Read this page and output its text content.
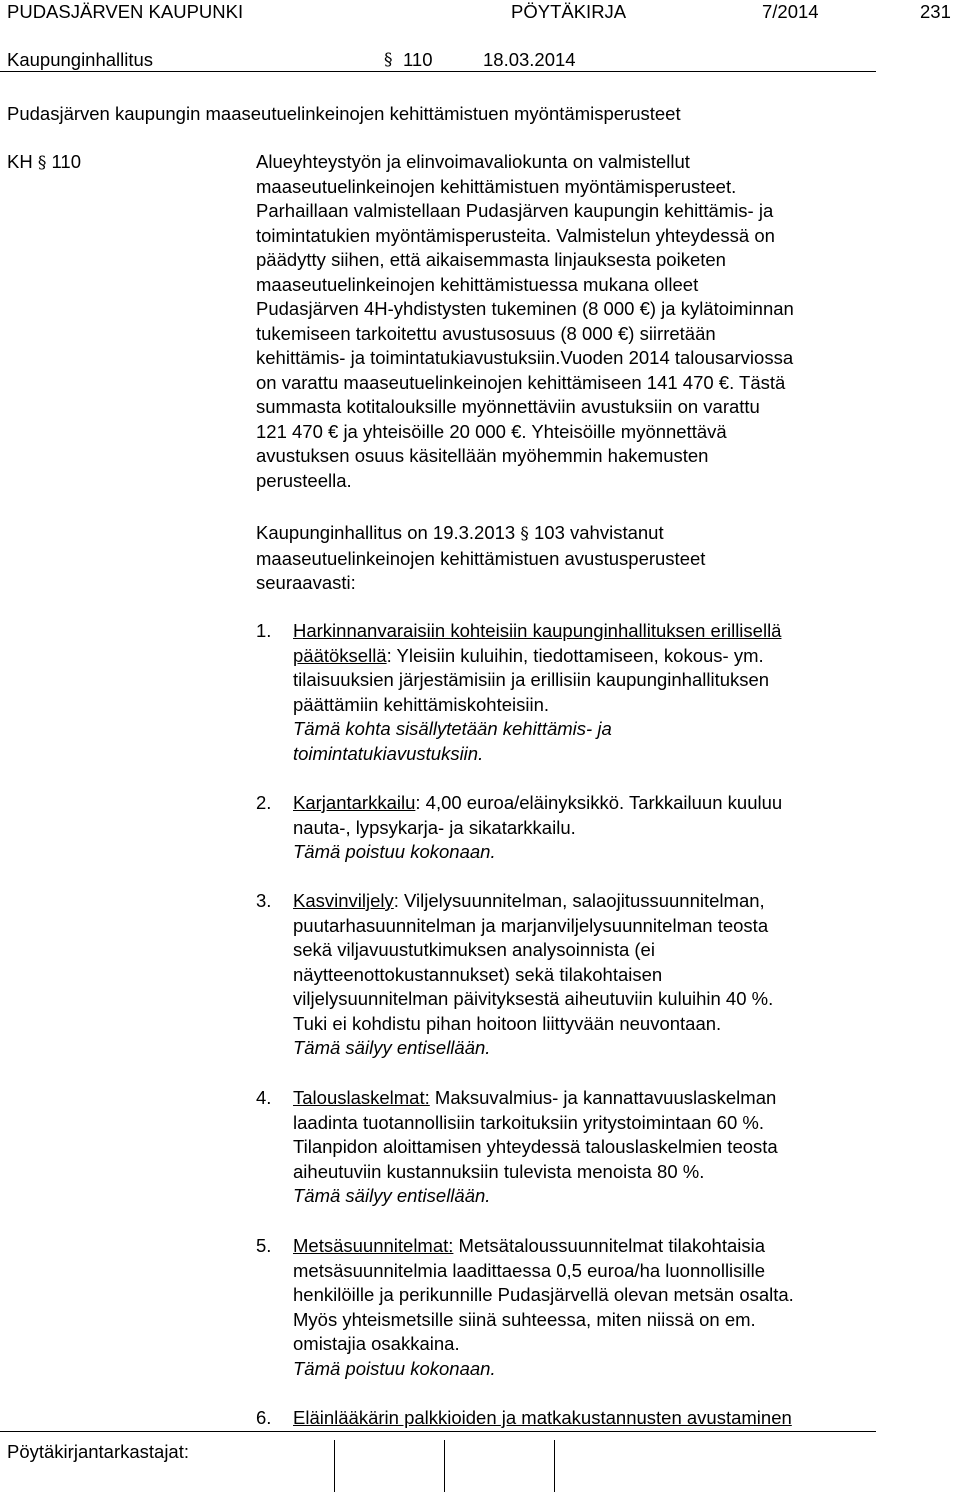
PUDASJÄRVEN KAUPUNKI	PÖYTÄKIRJA	7/2014	231
Kaupunginhallitus	§ 110	18.03.2014
Pudasjärven kaupungin maaseutuelinkeinojen kehittämistuen myöntämisperusteet
KH § 110	Alueyhteystyön ja elinvoimavaliokunta on valmistellut
maaseutuelinkeinojen kehittämistuen myöntämisperusteet.
Parhaillaan valmistellaan Pudasjärven kaupungin kehittämis- ja
toimintatukien myöntämisperusteita. Valmistelun yhteydessä on
päädytty siihen, että aikaisemmasta linjauksesta poiketen
maaseutuelinkeinojen kehittämistuessa mukana olleet
Pudasjärven 4H-yhdistysten tukeminen (8 000 €) ja kylätoiminnan
tukemiseen tarkoitettu avustusosuus (8 000 €) siirretään
kehittämis- ja toimintatukiavustuksiin.Vuoden 2014 talousarviossa
on varattu maaseutuelinkeinojen kehittämiseen 141 470 €. Tästä
summasta kotitalouksille myönnettäviin avustuksiin on varattu
121 470 € ja yhteisöille 20 000 €. Yhteisöille myönnettävä
avustuksen osuus käsitellään myöhemmin hakemusten
perusteella.
Kaupunginhallitus on 19.3.2013 § 103 vahvistanut
maaseutuelinkeinojen kehittämistuen avustusperusteet
seuraavasti:
1. Harkinnanvaraisiin kohteisiin kaupunginhallituksen erillisellä
päätöksellä: Yleisiin kuluihin, tiedottamiseen, kokous- ym.
tilaisuuksien järjestämisiin ja erillisiin kaupunginhallituksen
päättämiin kehittämiskohteisiin.
Tämä kohta sisällytetään kehittämis- ja
toimintatukiavustuksiin.
2. Karjantarkkailu: 4,00 euroa/eläinyksikkö. Tarkkailuun kuuluu
nauta-, lypsykarja- ja sikatarkkailu.
Tämä poistuu kokonaan.
3. Kasvinviljely: Viljelysuunnitelman, salaojitussuunnitelman,
puutarhasuunnitelman ja marjanviljelysuunnitelman teosta
sekä viljavuustutkimuksen analysoinnista (ei
näytteenottokustannukset) sekä tilakohtaisen
viljelysuunnitelman päivityksestä aiheutuviin kuluihin 40 %.
Tuki ei kohdistu pihan hoitoon liittyvään neuvontaan.
Tämä säilyy entisellään.
4. Talouslaskelmat: Maksuvalmius- ja kannattavuuslaskelman
laadinta tuotannollisiin tarkoituksiin yritystoimintaan 60 %.
Tilanpidon aloittamisen yhteydessä talouslaskelmien teosta
aiheutuviin kustannuksiin tulevista menoista 80 %.
Tämä säilyy entisellään.
5. Metsäsuunnitelmat: Metsätaloussuunnitelmat tilakohtaisia
metsäsuunnitelmia laadittaessa 0,5 euroa/ha luonnollisille
henkilöille ja perikunnille Pudasjärvellä olevan metsän osalta.
Myös yhteismetsille siinä suhteessa, miten niissä on em.
omistajia osakkaina.
Tämä poistuu kokonaan.
6. Eläinlääkärin palkkioiden ja matkakustannusten avustaminen
Pöytäkirjantarkastajat:
